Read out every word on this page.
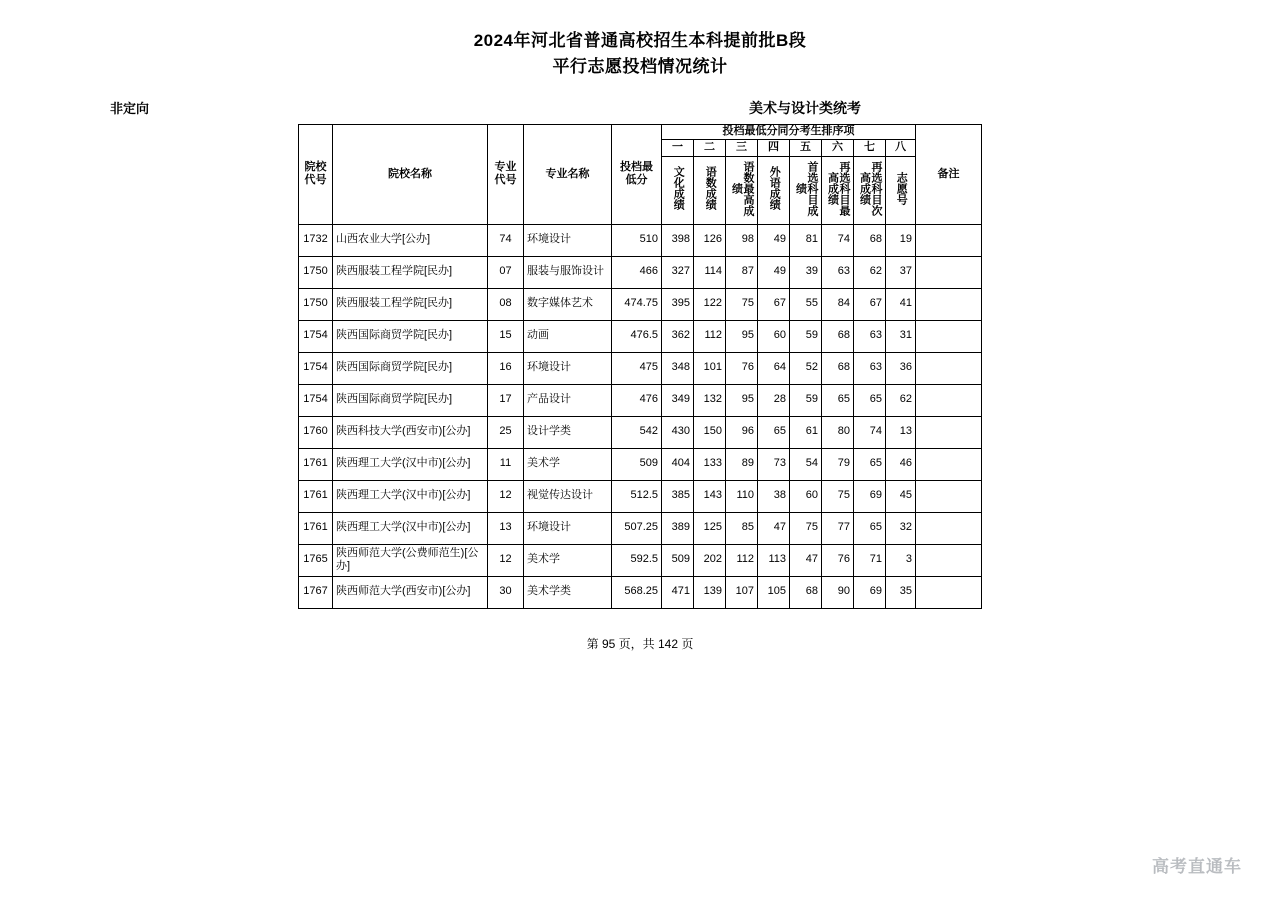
2024年河北省普通高校招生本科提前批B段
平行志愿投档情况统计
非定向	美术与设计类统考
院校代号	院校名称	专业代号	专业名称	投档最低分	投档最低分同分考生排序项								备注
					一	二	三	四	五	六	七	八	
					文化成绩	语数成绩	语数最高成绩	外语成绩	首选科目成绩	再选科目最高成绩	再选科目次高成绩	志愿号	
1732	山西农业大学[公办]	74	环境设计	510	398	126	98	49	81	74	68	19	
1750	陕西服装工程学院[民办]	07	服装与服饰设计	466	327	114	87	49	39	63	62	37	
1750	陕西服装工程学院[民办]	08	数字媒体艺术	474.75	395	122	75	67	55	84	67	41	
1754	陕西国际商贸学院[民办]	15	动画	476.5	362	112	95	60	59	68	63	31	
1754	陕西国际商贸学院[民办]	16	环境设计	475	348	101	76	64	52	68	63	36	
1754	陕西国际商贸学院[民办]	17	产品设计	476	349	132	95	28	59	65	65	62	
1760	陕西科技大学(西安市)[公办]	25	设计学类	542	430	150	96	65	61	80	74	13	
1761	陕西理工大学(汉中市)[公办]	11	美术学	509	404	133	89	73	54	79	65	46	
1761	陕西理工大学(汉中市)[公办]	12	视觉传达设计	512.5	385	143	110	38	60	75	69	45	
1761	陕西理工大学(汉中市)[公办]	13	环境设计	507.25	389	125	85	47	75	77	65	32	
1765	陕西师范大学(公费师范生)[公办]	12	美术学	592.5	509	202	112	113	47	76	71	3	
1767	陕西师范大学(西安市)[公办]	30	美术学类	568.25	471	139	107	105	68	90	69	35	
第 95 页，共 142 页
高考直通车
